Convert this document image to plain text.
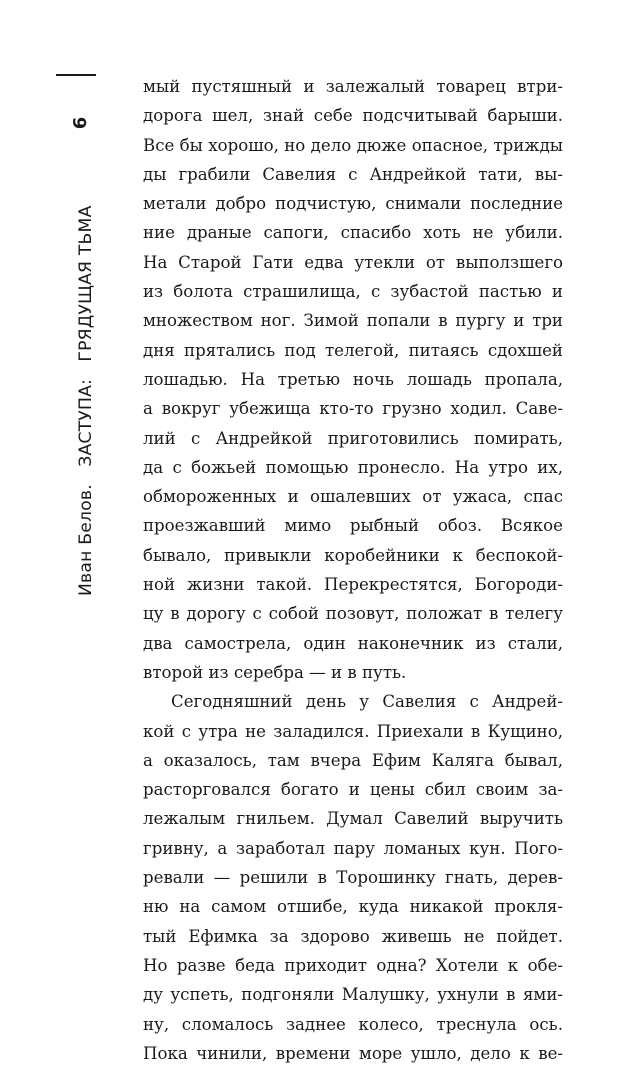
6
Иван Белов.  ЗАСТУПА:  ГРЯДУЩАЯ ТЬМА
мый пустяшный и залежалый товарец втри-
дорога шел, знай себе подсчитывай барыши.
Все бы хорошо, но дело дюже опасное, трижды
ды грабили Савелия с Андрейкой тати, вы-
метали добро подчистую, снимали последние
ние драные сапоги, спасибо хоть не убили.
На Старой Гати едва утекли от выползшего
из болота страшилища, с зубастой пастью и
множеством ног. Зимой попали в пургу и три
дня прятались под телегой, питаясь сдохшей
лошадью. На третью ночь лошадь пропала,
а вокруг убежища кто-то грузно ходил. Саве-
лий с Андрейкой приготовились помирать,
да с божьей помощью пронесло. На утро их,
обмороженных и ошалевших от ужаса, спас
проезжавший мимо рыбный обоз. Всякое
бывало, привыкли коробейники к беспокой-
ной жизни такой. Перекрестятся, Богороди-
цу в дорогу с собой позовут, положат в телегу
два самострела, один наконечник из стали,
второй из серебра — и в путь.
Сегодняшний день у Савелия с Андрей-
кой с утра не заладился. Приехали в Кущино,
а оказалось, там вчера Ефим Каляга бывал,
расторговался богато и цены сбил своим за-
лежалым гнильем. Думал Савелий выручить
гривну, а заработал пару ломаных кун. Пого-
ревали — решили в Торошинку гнать, дерев-
ню на самом отшибе, куда никакой прокля-
тый Ефимка за здорово живешь не пойдет.
Но разве беда приходит одна? Хотели к обе-
ду успеть, подгоняли Малушку, ухнули в ями-
ну, сломалось заднее колесо, треснула ось.
Пока чинили, времени море ушло, дело к ве-
